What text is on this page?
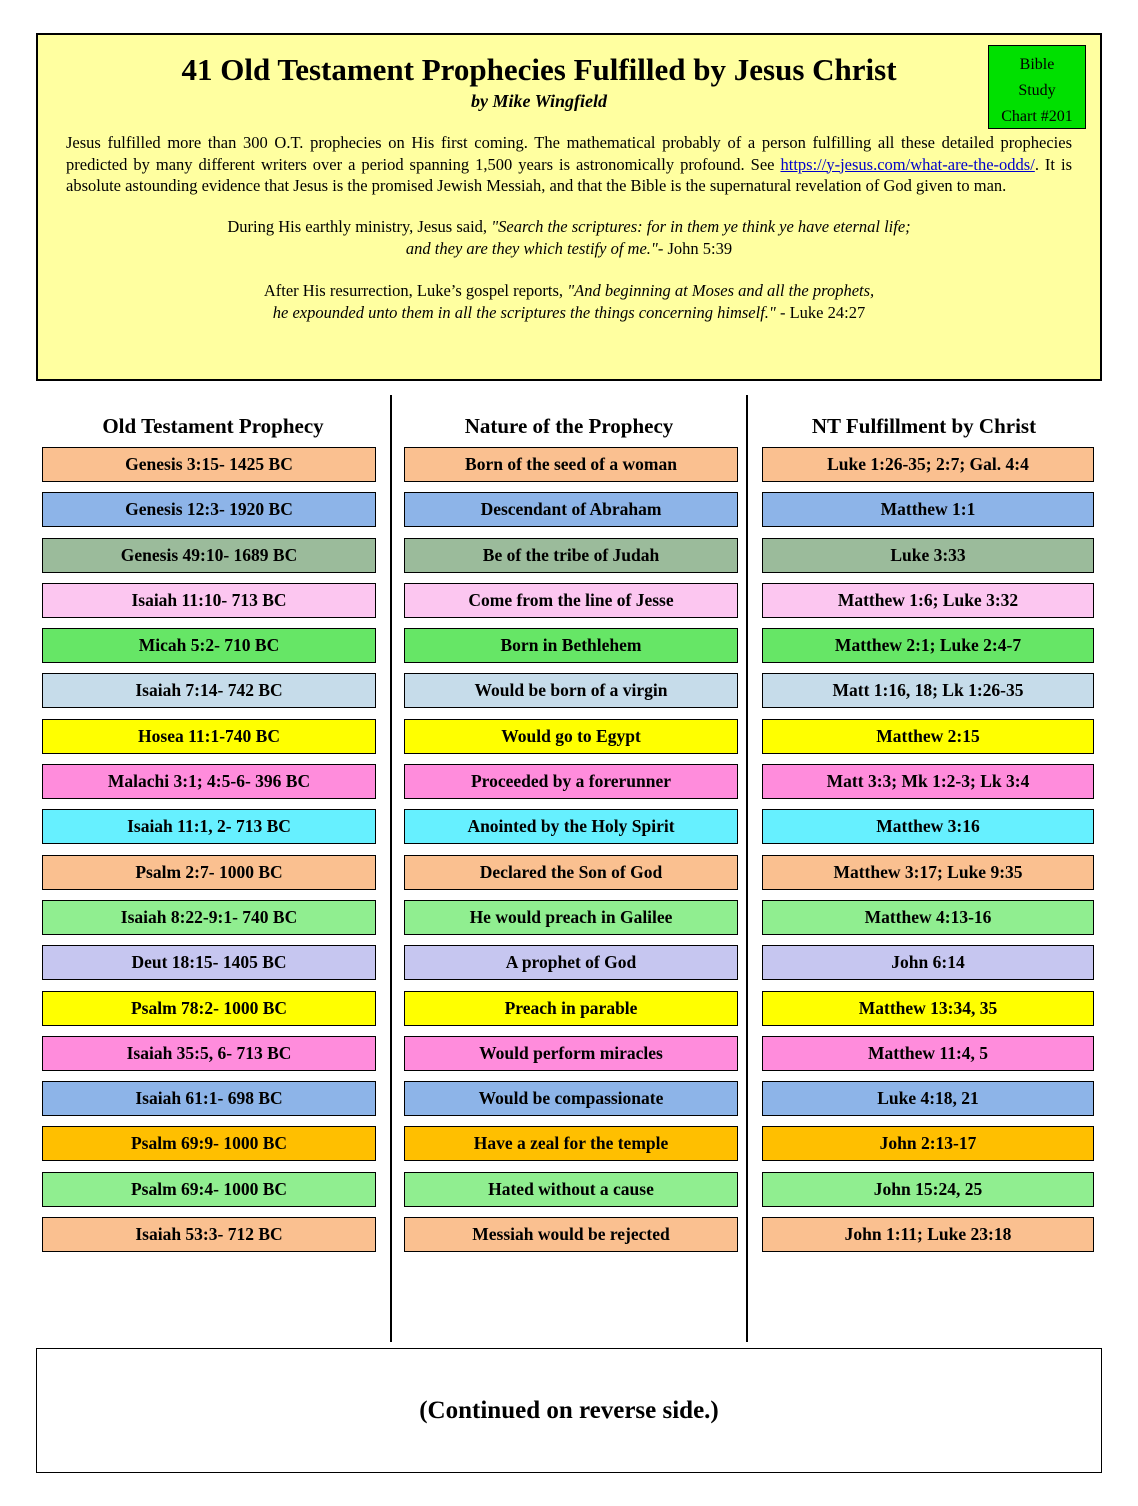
Bible
Study
Chart #201
41 Old Testament Prophecies Fulfilled by Jesus Christ
by Mike Wingfield
Jesus fulfilled more than 300 O.T. prophecies on His first coming. The mathematical probably of a person fulfilling all these detailed prophecies predicted by many different writers over a period spanning 1,500 years is astronomically profound. See https://y-jesus.com/what-are-the-odds/. It is absolute astounding evidence that Jesus is the promised Jewish Messiah, and that the Bible is the supernatural revelation of God given to man.
During His earthly ministry, Jesus said, "Search the scriptures: for in them ye think ye have eternal life;
and they are they which testify of me."- John 5:39
After His resurrection, Luke’s gospel reports, "And beginning at Moses and all the prophets,
he expounded unto them in all the scriptures the things concerning himself." - Luke 24:27
Old Testament Prophecy
Genesis 3:15- 1425 BC
Genesis 12:3- 1920 BC
Genesis 49:10- 1689 BC
Isaiah 11:10- 713 BC
Micah 5:2- 710 BC
Isaiah 7:14- 742 BC
Hosea 11:1-740 BC
Malachi 3:1; 4:5-6- 396 BC
Isaiah 11:1, 2- 713 BC
Psalm 2:7- 1000 BC
Isaiah 8:22-9:1- 740 BC
Deut 18:15- 1405 BC
Psalm 78:2- 1000 BC
Isaiah 35:5, 6- 713 BC
Isaiah 61:1- 698 BC
Psalm 69:9- 1000 BC
Psalm 69:4- 1000 BC
Isaiah 53:3- 712 BC
Nature of the Prophecy
Born of the seed of a woman
Descendant of Abraham
Be of the tribe of Judah
Come from the line of Jesse
Born in Bethlehem
Would be born of a virgin
Would go to Egypt
Proceeded by a forerunner
Anointed by the Holy Spirit
Declared the Son of God
He would preach in Galilee
A prophet of God
Preach in parable
Would perform miracles
Would be compassionate
Have a zeal for the temple
Hated without a cause
Messiah would be rejected
NT Fulfillment by Christ
Luke 1:26-35; 2:7; Gal. 4:4
Matthew 1:1
Luke 3:33
Matthew 1:6; Luke 3:32
Matthew 2:1; Luke 2:4-7
Matt 1:16, 18; Lk 1:26-35
Matthew 2:15
Matt 3:3; Mk 1:2-3; Lk 3:4
Matthew 3:16
Matthew 3:17; Luke 9:35
Matthew 4:13-16
John 6:14
Matthew 13:34, 35
Matthew 11:4, 5
Luke 4:18, 21
John 2:13-17
John 15:24, 25
John 1:11; Luke 23:18
(Continued on reverse side.)
